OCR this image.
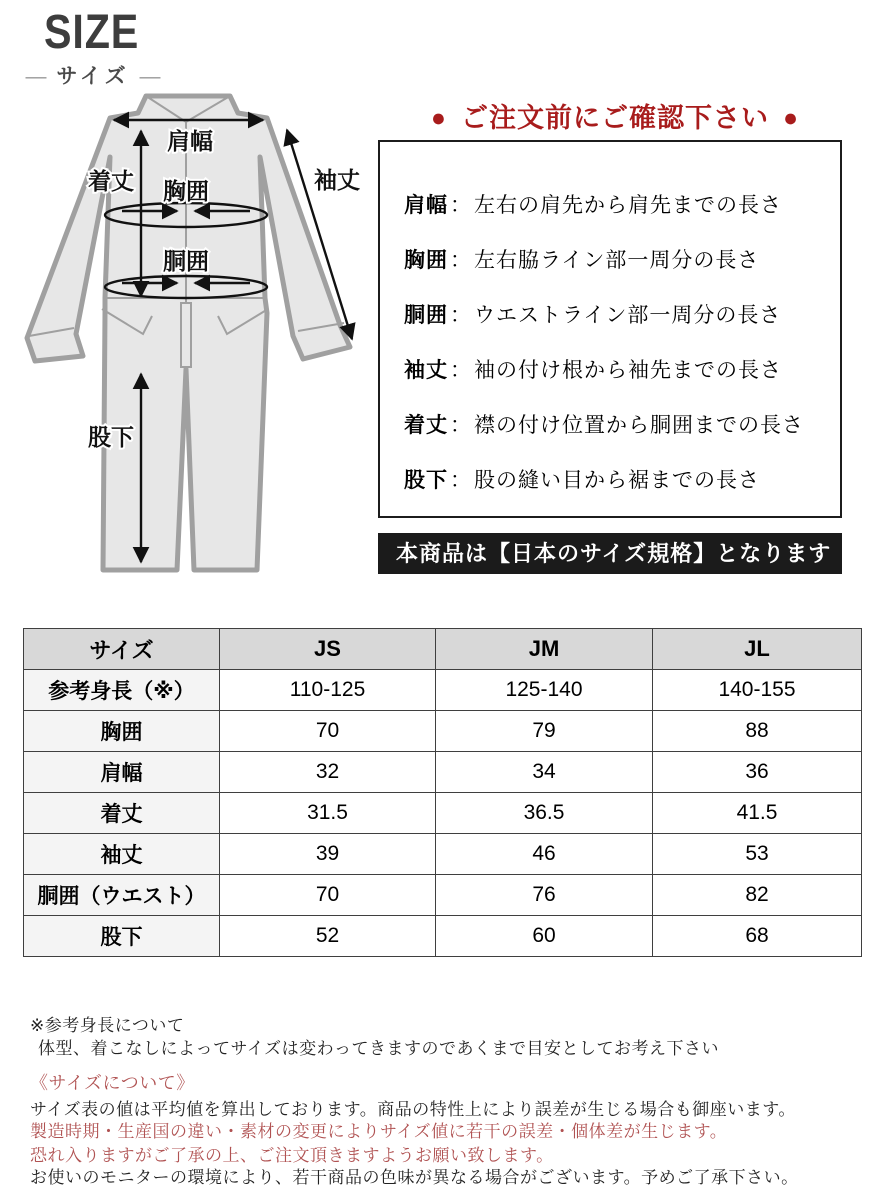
SIZE
— サイズ —
肩幅
着丈 胸囲
胴囲
袖丈
股下
● ご注文前にご確認下さい ●
肩幅 ： 左右の肩先から肩先までの長さ
胸囲 ： 左右脇ライン部一周分の長さ
胴囲 ： ウエストライン部一周分の長さ
袖丈 ： 袖の付け根から袖先までの長さ
着丈 ： 襟の付け位置から胴囲までの長さ
股下 ： 股の縫い目から裾までの長さ
本商品は【日本のサイズ規格】となります
サイズ	JS	JM	JL
参考身長（※）	110-125	125-140	140-155
胸囲	70	79	88
肩幅	32	34	36
着丈	31.5	36.5	41.5
袖丈	39	46	53
胴囲（ウエスト）	70	76	82
股下	52	60	68
※参考身長について
体型、着こなしによってサイズは変わってきますのであくまで目安としてお考え下さい
《サイズについて》
サイズ表の値は平均値を算出しております。商品の特性上により誤差が生じる場合も御座います。
製造時期・生産国の違い・素材の変更によりサイズ値に若干の誤差・個体差が生じます。
恐れ入りますがご了承の上、ご注文頂きますようお願い致します。
お使いのモニターの環境により、若干商品の色味が異なる場合がございます。予めご了承下さい。
